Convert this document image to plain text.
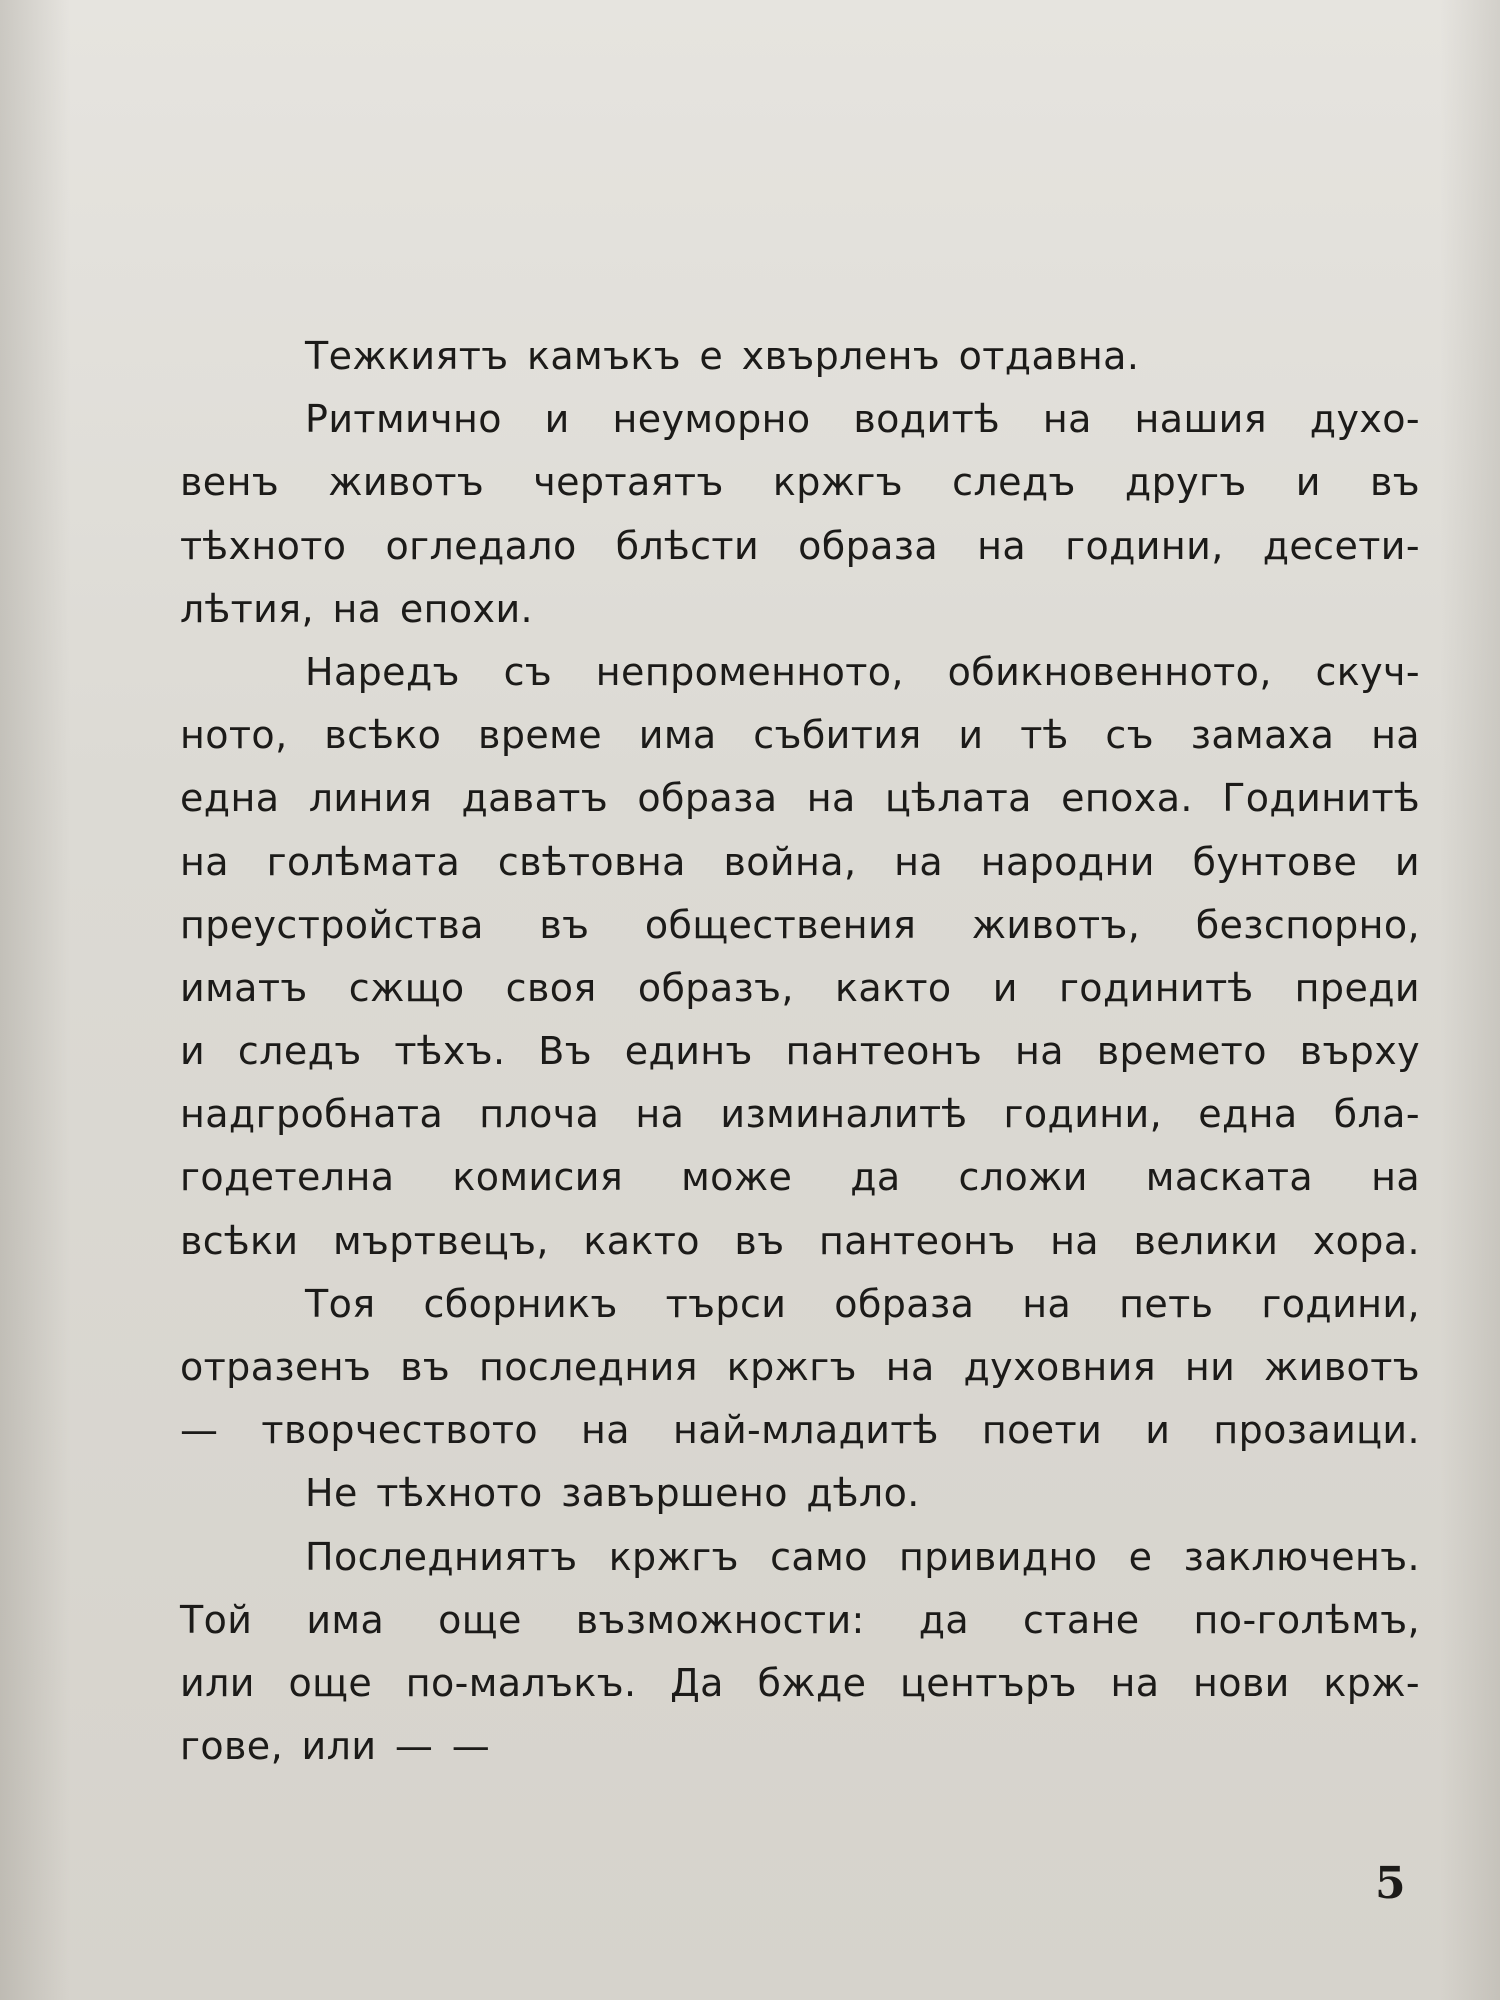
Тежкиятъ камъкъ е хвърленъ отдавна.

Ритмично и неуморно водитѣ на нашия духо-
венъ животъ чертаятъ кржгъ следъ другъ и въ
тѣхното огледало блѣсти образа на години, десети-
лѣтия, на епохи.

Наредъ съ непроменното, обикновенното, скуч-
ното, всѣко време има събития и тѣ съ замаха на
една линия даватъ образа на цѣлата епоха. Годинитѣ
на голѣмата свѣтовна война, на народни бунтове и
преустройства въ обществения животъ, безспорно,
иматъ сжщо своя образъ, както и годинитѣ преди
и следъ тѣхъ. Въ единъ пантеонъ на времето върху
надгробната плоча на изминалитѣ години, една бла-
годетелна комисия може да сложи маската на
всѣки мъртвецъ, както въ пантеонъ на велики хора.

Тоя сборникъ търси образа на петь години,
отразенъ въ последния кржгъ на духовния ни животъ
— творчеството на най-младитѣ поети и прозаици.

Не тѣхното завършено дѣло.

Последниятъ кржгъ само привидно е заключенъ.
Той има още възможности: да стане по-голѣмъ,
или още по-малъкъ. Да бжде центъръ на нови крж-
гове, или — —

5
